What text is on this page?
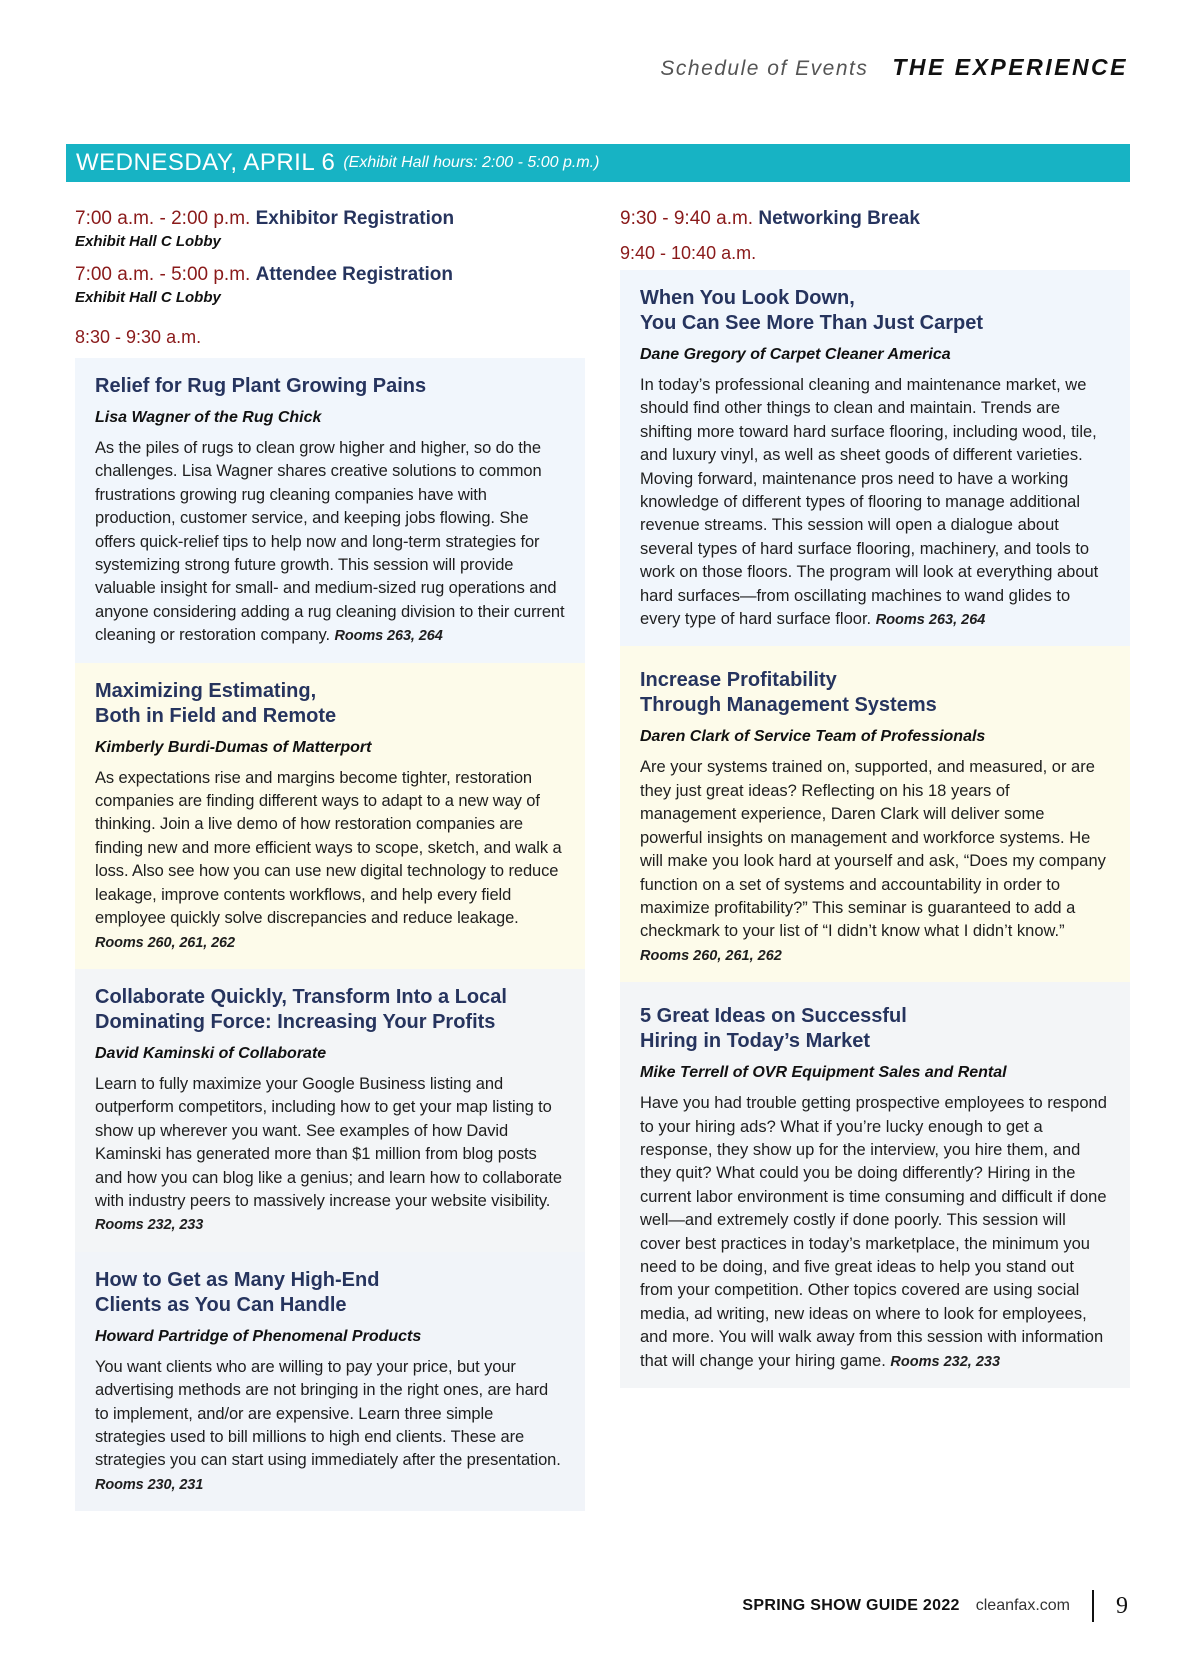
Schedule of Events THE EXPERIENCE
WEDNESDAY, APRIL 6 (Exhibit Hall hours: 2:00 - 5:00 p.m.)
7:00 a.m. - 2:00 p.m. Exhibitor Registration
Exhibit Hall C Lobby
7:00 a.m. - 5:00 p.m. Attendee Registration
Exhibit Hall C Lobby
8:30 - 9:30 a.m.
Relief for Rug Plant Growing Pains
Lisa Wagner of the Rug Chick
As the piles of rugs to clean grow higher and higher, so do the challenges. Lisa Wagner shares creative solutions to common frustrations growing rug cleaning companies have with production, customer service, and keeping jobs flowing. She offers quick-relief tips to help now and long-term strategies for systemizing strong future growth. This session will provide valuable insight for small- and medium-sized rug operations and anyone considering adding a rug cleaning division to their current cleaning or restoration company. Rooms 263, 264
Maximizing Estimating,
Both in Field and Remote
Kimberly Burdi-Dumas of Matterport
As expectations rise and margins become tighter, restoration companies are finding different ways to adapt to a new way of thinking. Join a live demo of how restoration companies are finding new and more efficient ways to scope, sketch, and walk a loss. Also see how you can use new digital technology to reduce leakage, improve contents workflows, and help every field employee quickly solve discrepancies and reduce leakage. Rooms 260, 261, 262
Collaborate Quickly, Transform Into a Local
Dominating Force: Increasing Your Profits
David Kaminski of Collaborate
Learn to fully maximize your Google Business listing and outperform competitors, including how to get your map listing to show up wherever you want. See examples of how David Kaminski has generated more than $1 million from blog posts and how you can blog like a genius; and learn how to collaborate with industry peers to massively increase your website visibility. Rooms 232, 233
How to Get as Many High-End
Clients as You Can Handle
Howard Partridge of Phenomenal Products
You want clients who are willing to pay your price, but your advertising methods are not bringing in the right ones, are hard to implement, and/or are expensive. Learn three simple strategies used to bill millions to high end clients. These are strategies you can start using immediately after the presentation. Rooms 230, 231
9:30 - 9:40 a.m. Networking Break
9:40 - 10:40 a.m.
When You Look Down,
You Can See More Than Just Carpet
Dane Gregory of Carpet Cleaner America
In today’s professional cleaning and maintenance market, we should find other things to clean and maintain. Trends are shifting more toward hard surface flooring, including wood, tile, and luxury vinyl, as well as sheet goods of different varieties. Moving forward, maintenance pros need to have a working knowledge of different types of flooring to manage additional revenue streams. This session will open a dialogue about several types of hard surface flooring, machinery, and tools to work on those floors. The program will look at everything about hard surfaces—from oscillating machines to wand glides to every type of hard surface floor. Rooms 263, 264
Increase Profitability
Through Management Systems
Daren Clark of Service Team of Professionals
Are your systems trained on, supported, and measured, or are they just great ideas? Reflecting on his 18 years of management experience, Daren Clark will deliver some powerful insights on management and workforce systems. He will make you look hard at yourself and ask, “Does my company function on a set of systems and accountability in order to maximize profitability?” This seminar is guaranteed to add a checkmark to your list of “I didn’t know what I didn’t know.” Rooms 260, 261, 262
5 Great Ideas on Successful
Hiring in Today’s Market
Mike Terrell of OVR Equipment Sales and Rental
Have you had trouble getting prospective employees to respond to your hiring ads? What if you’re lucky enough to get a response, they show up for the interview, you hire them, and they quit? What could you be doing differently? Hiring in the current labor environment is time consuming and difficult if done well—and extremely costly if done poorly. This session will cover best practices in today’s marketplace, the minimum you need to be doing, and five great ideas to help you stand out from your competition. Other topics covered are using social media, ad writing, new ideas on where to look for employees, and more. You will walk away from this session with information that will change your hiring game. Rooms 232, 233
SPRING SHOW GUIDE 2022 cleanfax.com 9
